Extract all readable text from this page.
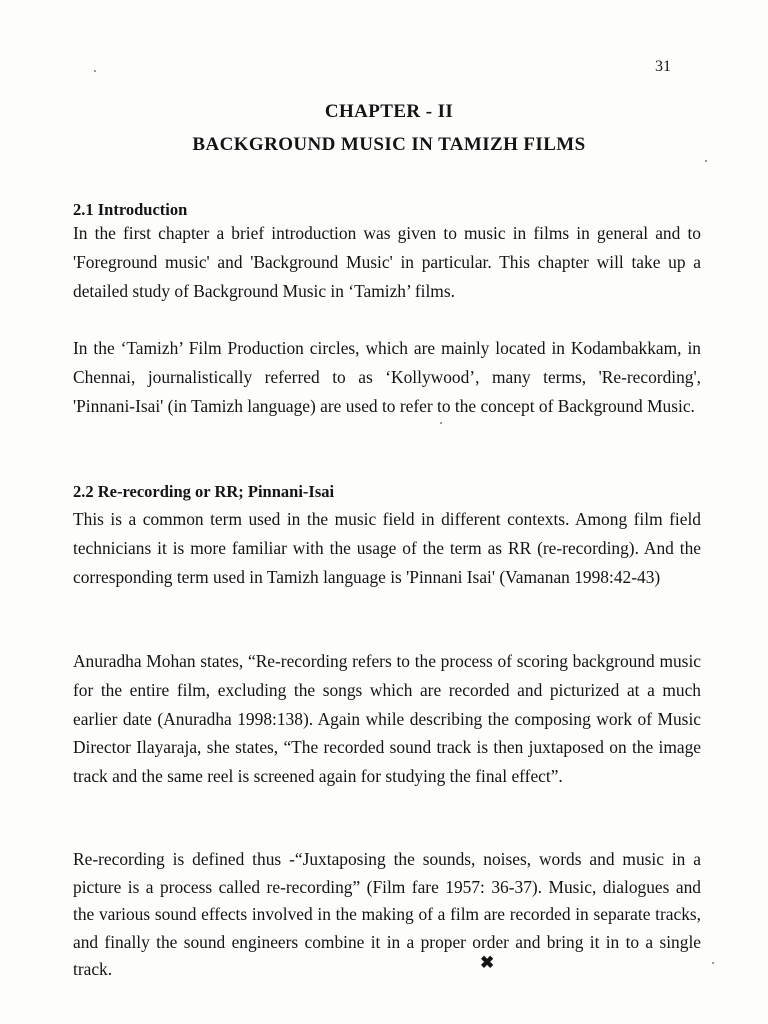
31
CHAPTER - II
BACKGROUND MUSIC IN TAMIZH FILMS
2.1 Introduction

In the first chapter a brief introduction was given to music in films in general and to 'Foreground music' and 'Background Music' in particular. This chapter will take up a detailed study of Background Music in ‘Tamizh’ films.

In the ‘Tamizh’ Film Production circles, which are mainly located in Kodambakkam, in Chennai, journalistically referred to as ‘Kollywood’, many terms, 'Re-recording', 'Pinnani-Isai' (in Tamizh language) are used to refer to the concept of Background Music.

2.2 Re-recording or RR; Pinnani-Isai

This is a common term used in the music field in different contexts. Among film field technicians it is more familiar with the usage of the term as RR (re-recording). And the corresponding term used in Tamizh language is 'Pinnani Isai' (Vamanan 1998:42-43)

Anuradha Mohan states, “Re-recording refers to the process of scoring background music for the entire film, excluding the songs which are recorded and picturized at a much earlier date (Anuradha 1998:138). Again while describing the composing work of Music Director Ilayaraja, she states, “The recorded sound track is then juxtaposed on the image track and the same reel is screened again for studying the final effect”.

Re-recording is defined thus -“Juxtaposing the sounds, noises, words and music in a picture is a process called re-recording” (Film fare 1957: 36-37). Music, dialogues and the various sound effects involved in the making of a film are recorded in separate tracks, and finally the sound engineers combine it in a proper order and bring it in to a single track.	✖
